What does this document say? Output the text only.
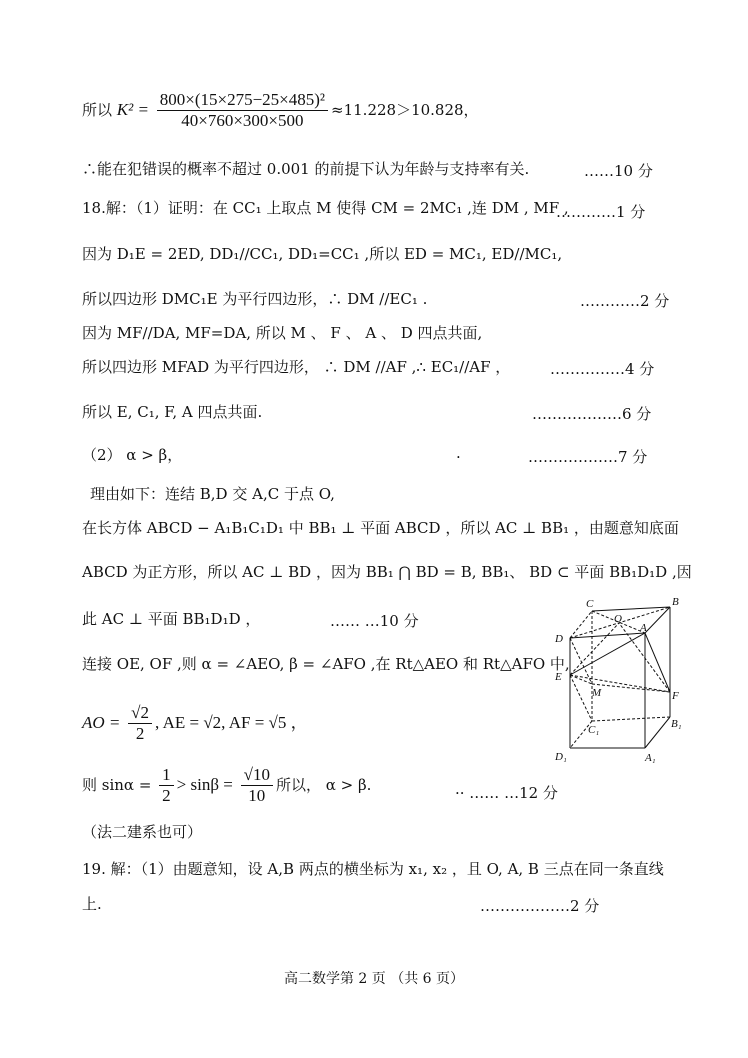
所以 $K^2 = \frac{\text{800×(15×275−25×485)²}}{40\times 760\times 300\times 500} \approx 11.228>10.828$，
∴能在犯错误的概率不超过 0.001 的前提下认为年龄与支持率有关.	……10 分
18.解：（1）证明：在 CC₁ 上取点 M 使得 CM = 2MC₁ ,连 DM , MF ,
…………1 分
因为 D₁E = 2ED, DD₁//CC₁, DD₁=CC₁ ,所以 ED = MC₁, ED//MC₁,
所以四边形 DMC₁E 为平行四边形，∴ DM //EC₁ .	…………2 分
因为 MF//DA, MF=DA, 所以 M 、 F 、 A 、 D 四点共面,
所以四边形 MFAD 为平行四边形， ∴ DM //AF ,∴ EC₁//AF ，	……………4 分
所以 E, C₁, F, A 四点共面.	………………6 分
（2） α > β，	.	………………7 分
理由如下：连结 B,D 交 A,C 于点 O,
在长方体 ABCD − A₁B₁C₁D₁ 中 BB₁ ⊥ 平面 ABCD ，所以 AC ⊥ BB₁ ，由题意知底面
ABCD 为正方形，所以 AC ⊥ BD ，因为 BB₁ ⋂ BD = B, BB₁、 BD ⊂ 平面 BB₁D₁D ,因
此 AC ⊥ 平面 BB₁D₁D ，	…… …10 分
连接 OE, OF ,则 α = ∠AEO, β = ∠AFO ,在 Rt△AEO 和 Rt△AFO 中,
AO = $\frac{√2}{2}$ , AE = √2, AF = √5 ，
则 $\sin\alpha = \frac{1}{2} > \sin\beta = \frac{√10}{10}$ 所以， α > β.	·· …… …12 分
（法二建系也可）
19. 解：（1）由题意知，设 A,B 两点的横坐标为 x₁, x₂ ，且 O, A, B 三点在同一条直线
上.	………………2 分
C
O
B
D
A
E
F
M
C₁	B₁
D₁	A₁
高二数学第 2 页 （共 6 页）
